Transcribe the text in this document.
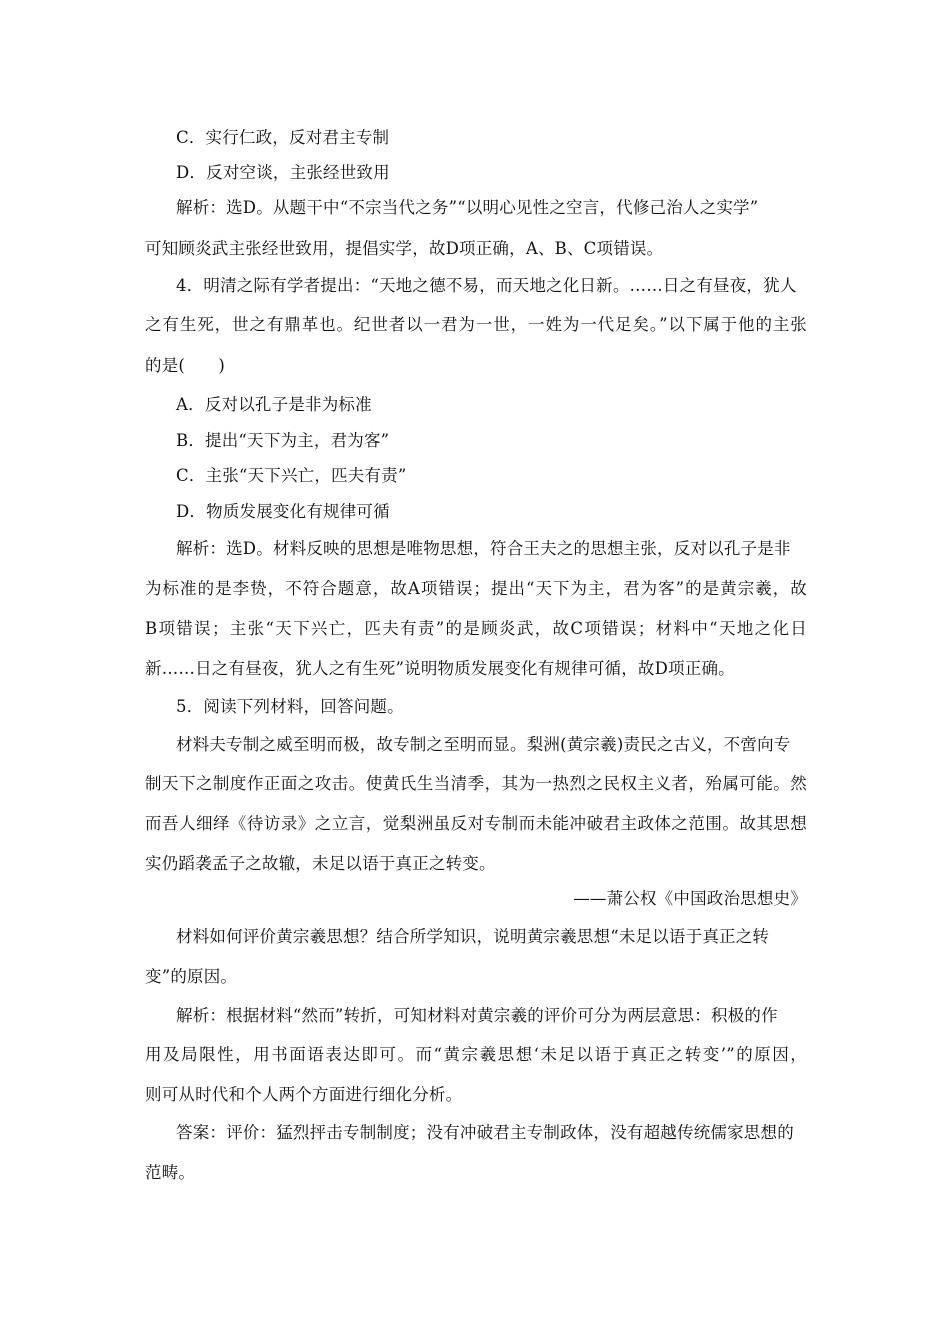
C．实行仁政，反对君主专制
D．反对空谈，主张经世致用
解析：选D。从题干中“不宗当代之务”“以明心见性之空言，代修己治人之实学”
可知顾炎武主张经世致用，提倡实学，故D项正确，A、B、C项错误。
4．明清之际有学者提出：“天地之德不易，而天地之化日新。……日之有昼夜，犹人
之有生死，世之有鼎革也。纪世者以一君为一世，一姓为一代足矣。”以下属于他的主张
的是(　　)
A．反对以孔子是非为标准
B．提出“天下为主，君为客”
C．主张“天下兴亡，匹夫有责”
D．物质发展变化有规律可循
解析：选D。材料反映的思想是唯物思想，符合王夫之的思想主张，反对以孔子是非
为标准的是李贽，不符合题意，故A项错误；提出“天下为主，君为客”的是黄宗羲，故
B项错误；主张“天下兴亡，匹夫有责”的是顾炎武，故C项错误；材料中“天地之化日
新……日之有昼夜，犹人之有生死”说明物质发展变化有规律可循，故D项正确。
5．阅读下列材料，回答问题。
材料夫专制之威至明而极，故专制之至明而显。梨洲(黄宗羲)责民之古义，不啻向专
制天下之制度作正面之攻击。使黄氏生当清季，其为一热烈之民权主义者，殆属可能。然
而吾人细绎《待访录》之立言，觉梨洲虽反对专制而未能冲破君主政体之范围。故其思想
实仍蹈袭孟子之故辙，未足以语于真正之转变。
——萧公权《中国政治思想史》
材料如何评价黄宗羲思想？结合所学知识，说明黄宗羲思想“未足以语于真正之转
变”的原因。
解析：根据材料“然而”转折，可知材料对黄宗羲的评价可分为两层意思：积极的作
用及局限性，用书面语表达即可。而“黄宗羲思想‘未足以语于真正之转变’”的原因，
则可从时代和个人两个方面进行细化分析。
答案：评价：猛烈抨击专制制度；没有冲破君主专制政体，没有超越传统儒家思想的
范畴。
